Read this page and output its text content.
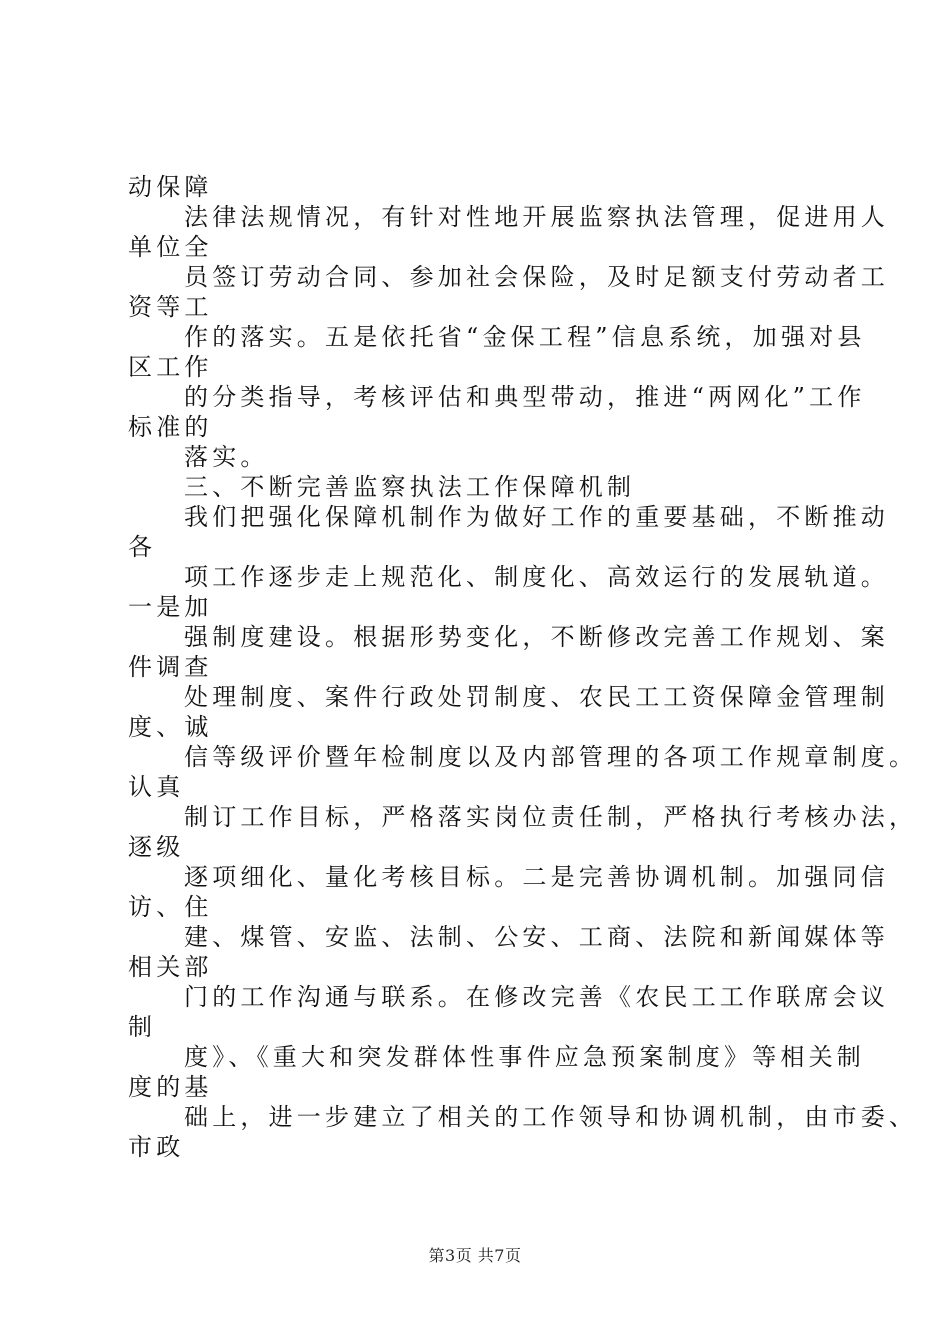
动保障
法律法规情况，有针对性地开展监察执法管理，促进用人
单位全
员签订劳动合同、参加社会保险，及时足额支付劳动者工
资等工
作的落实。五是依托省“金保工程”信息系统，加强对县
区工作
的分类指导，考核评估和典型带动，推进“两网化”工作
标准的
落实。
三、不断完善监察执法工作保障机制
我们把强化保障机制作为做好工作的重要基础，不断推动
各
项工作逐步走上规范化、制度化、高效运行的发展轨道。
一是加
强制度建设。根据形势变化，不断修改完善工作规划、案
件调查
处理制度、案件行政处罚制度、农民工工资保障金管理制
度、诚
信等级评价暨年检制度以及内部管理的各项工作规章制度。
认真
制订工作目标，严格落实岗位责任制，严格执行考核办法，
逐级
逐项细化、量化考核目标。二是完善协调机制。加强同信
访、住
建、煤管、安监、法制、公安、工商、法院和新闻媒体等
相关部
门的工作沟通与联系。在修改完善《农民工工作联席会议
制
度》、《重大和突发群体性事件应急预案制度》等相关制
度的基
础上，进一步建立了相关的工作领导和协调机制，由市委、
市政
第3页 共7页
